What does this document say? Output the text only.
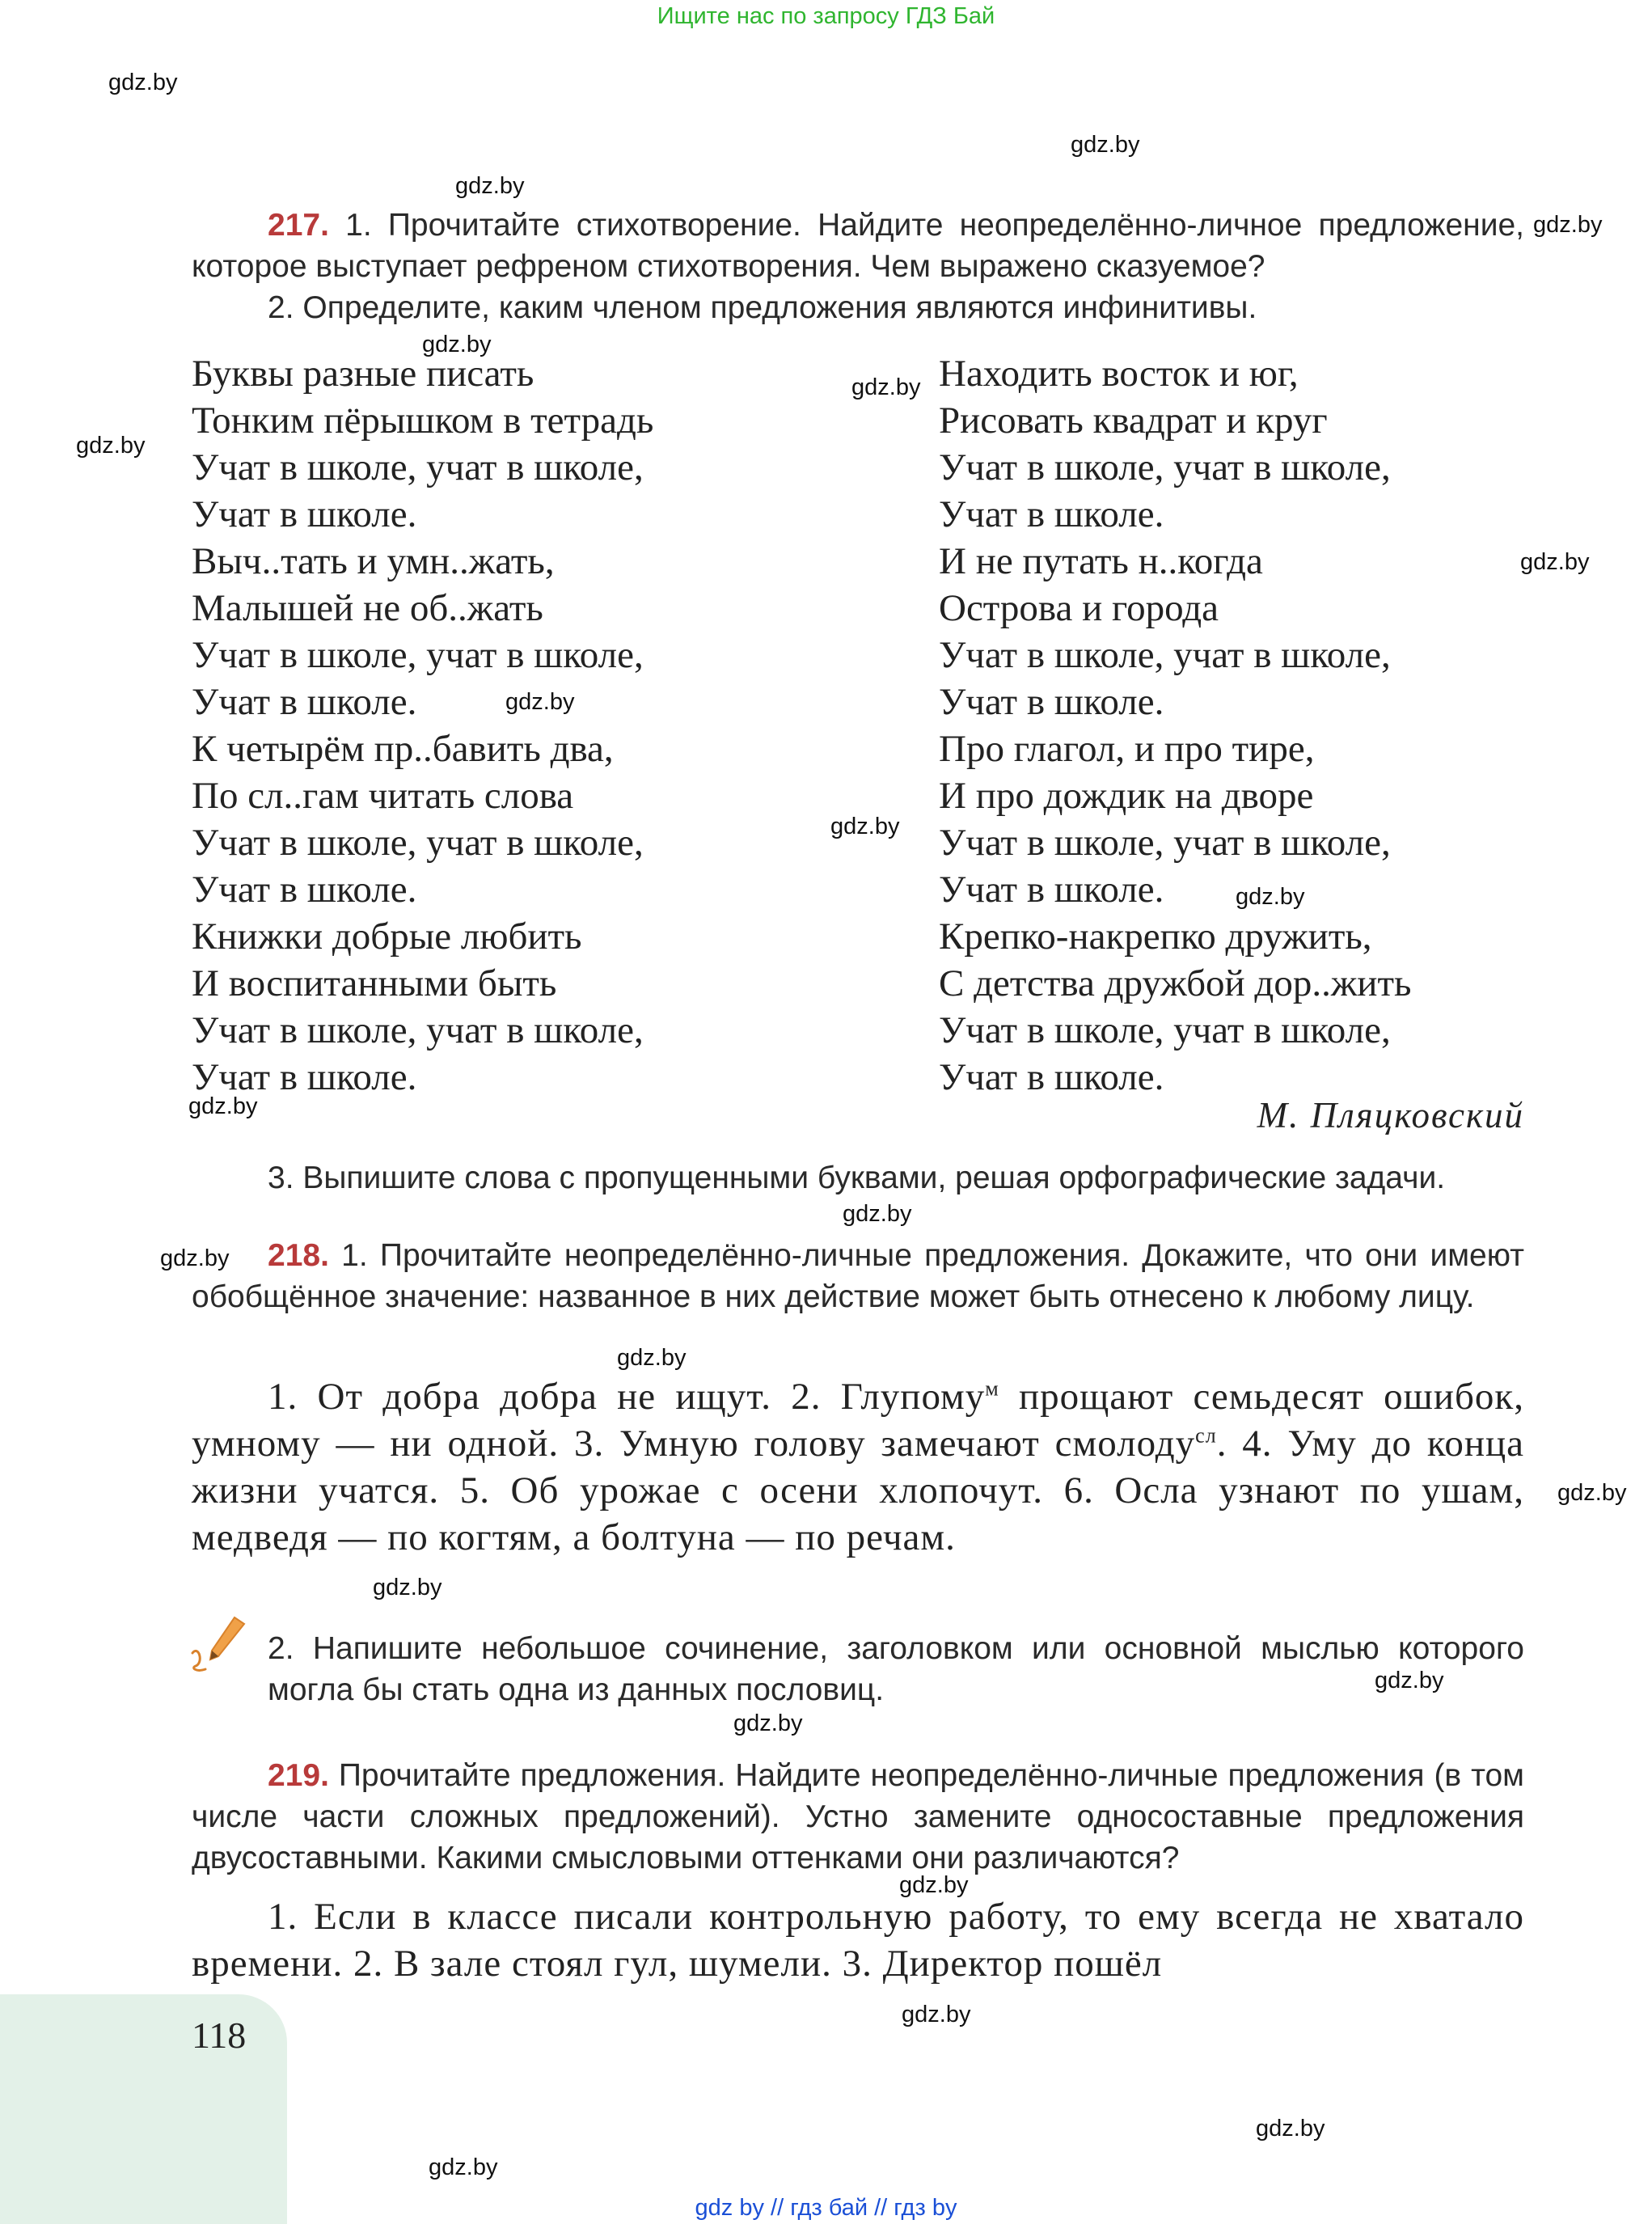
Ищите нас по запросу ГДЗ Бай
gdz.by
gdz.by
gdz.by
gdz.by
gdz.by
gdz.by
gdz.by
gdz.by
gdz.by
gdz.by
gdz.by
gdz.by
gdz.by
gdz.by
gdz.by
gdz.by
gdz.by
gdz.by
gdz.by
gdz.by
gdz.by
gdz.by
gdz.by
217. 1. Прочитайте стихотворение. Найдите неопределённо-личное предложение, которое выступает рефреном стихотворения. Чем выражено сказуемое?
2. Определите, каким членом предложения являются инфинитивы.
Буквы разные писать
Тонким пёрышком в тетрадь
Учат в школе, учат в школе,
Учат в школе.
Выч..тать и умн..жать,
Малышей не об..жать
Учат в школе, учат в школе,
Учат в школе.
К четырём пр..бавить два,
По сл..гам читать слова
Учат в школе, учат в школе,
Учат в школе.
Книжки добрые любить
И воспитанными быть
Учат в школе, учат в школе,
Учат в школе.
Находить восток и юг,
Рисовать квадрат и круг
Учат в школе, учат в школе,
Учат в школе.
И не путать н..когда
Острова и города
Учат в школе, учат в школе,
Учат в школе.
Про глагол, и про тире,
И про дождик на дворе
Учат в школе, учат в школе,
Учат в школе.
Крепко-накрепко дружить,
С детства дружбой дор..жить
Учат в школе, учат в школе,
Учат в школе.
М. Пляцковский
3. Выпишите слова с пропущенными буквами, решая орфографические задачи.
218. 1. Прочитайте неопределённо-личные предложения. Докажите, что они имеют обобщённое значение: названное в них действие может быть отнесено к любому лицу.
1. От добра добра не ищут. 2. Глупому$^м$ прощают семьдесят ошибок, умному — ни одной. 3. Умную голову замечают смолоду$^{сл}$. 4. Уму до конца жизни учатся. 5. Об урожае с осени хлопочут. 6. Осла узнают по ушам, медведя — по когтям, а болтуна — по речам.
2. Напишите небольшое сочинение, заголовком или основной мыслью которого могла бы стать одна из данных пословиц.
219. Прочитайте предложения. Найдите неопределённо-личные предложения (в том числе части сложных предложений). Устно замените односоставные предложения двусоставными. Какими смысловыми оттенками они различаются?
1. Если в классе писали контрольную работу, то ему всегда не хватало времени. 2. В зале стоял гул, шумели. 3. Директор пошёл
118
gdz by // гдз бай // гдз by
